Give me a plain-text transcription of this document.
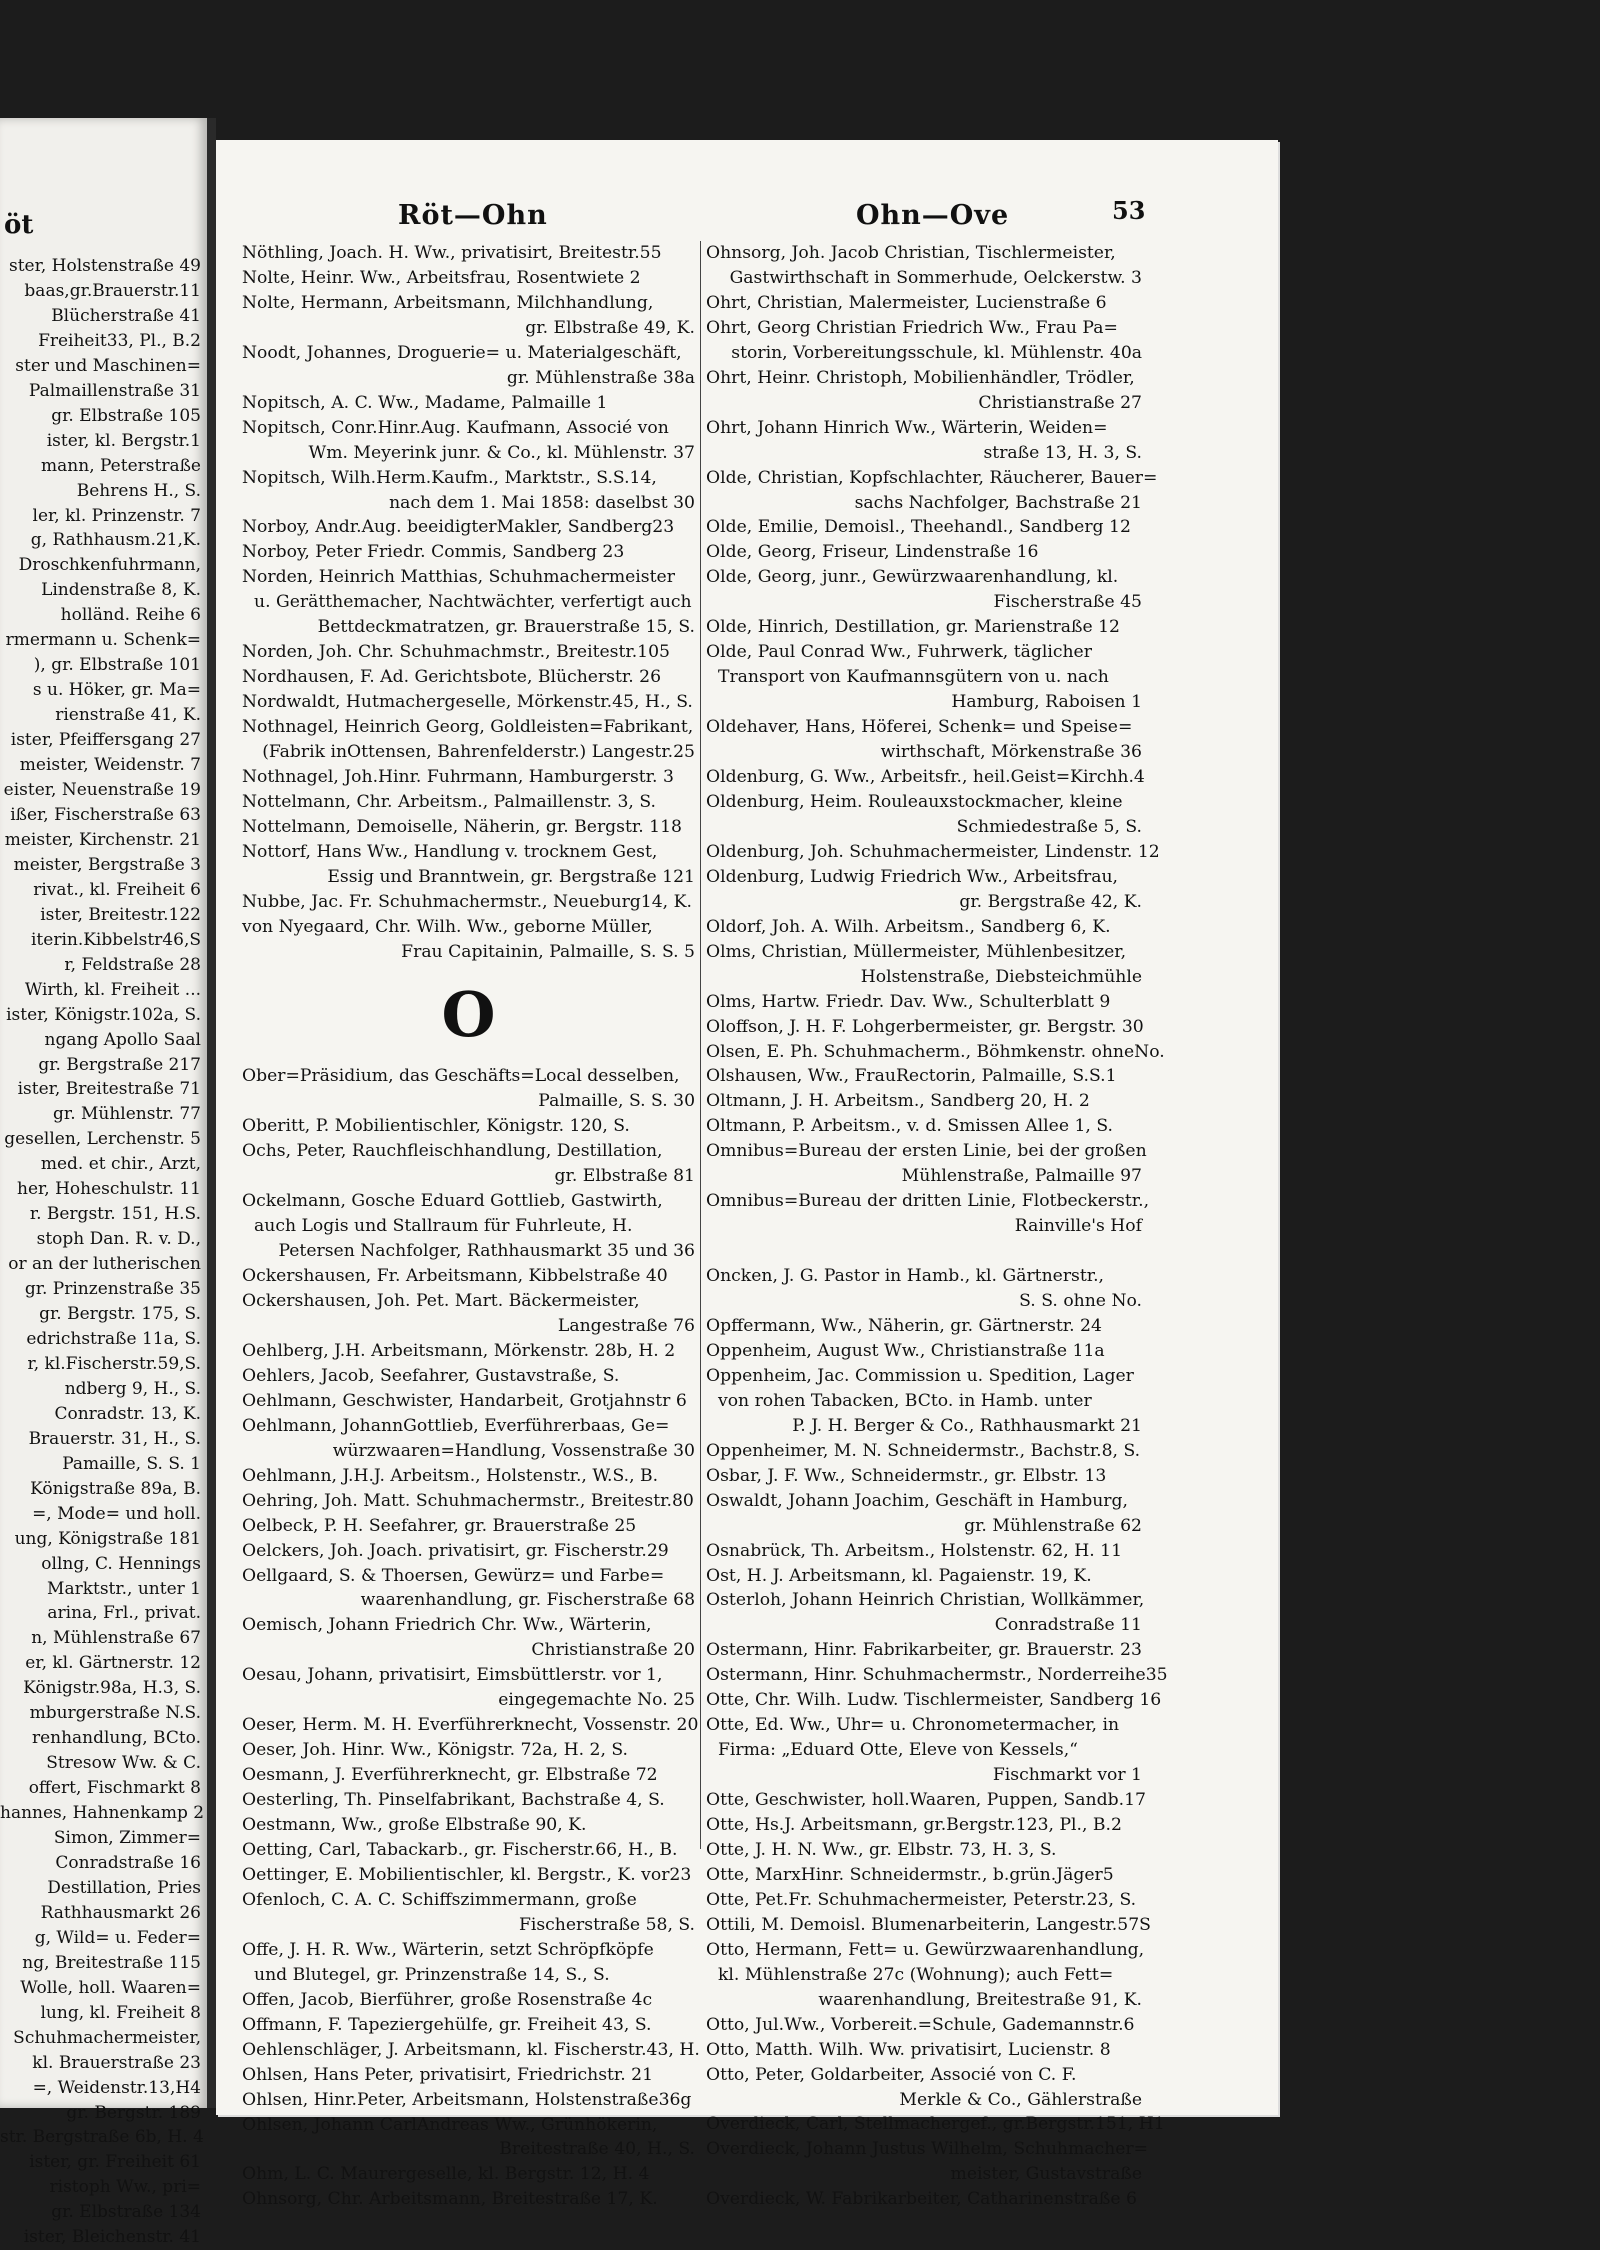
öt
ster, Holstenstraße 49
baas,gr.Brauerstr.11
Blücherstraße 41
Freiheit33, Pl., B.2
ster und Maschinen=
Palmaillenstraße 31
gr. Elbstraße 105
ister, kl. Bergstr.1
mann, Peterstraße
Behrens H., S.
ler, kl. Prinzenstr. 7
g, Rathhausm.21,K.
Droschkenfuhrmann,
Lindenstraße 8, K.
holländ. Reihe 6
rmermann u. Schenk=
), gr. Elbstraße 101
s u. Höker, gr. Ma=
rienstraße 41, K.
ister, Pfeiffersgang 27
meister, Weidenstr. 7
eister, Neuenstraße 19
ißer, Fischerstraße 63
meister, Kirchenstr. 21
meister, Bergstraße 3
rivat., kl. Freiheit 6
ister, Breitestr.122
iterin.Kibbelstr46,S
r, Feldstraße 28
Wirth, kl. Freiheit ...
ister, Königstr.102a, S.
ngang Apollo Saal
gr. Bergstraße 217
ister, Breitestraße 71
gr. Mühlenstr. 77
gesellen, Lerchenstr. 5
med. et chir., Arzt,
her, Hoheschulstr. 11
r. Bergstr. 151, H.S.
stoph Dan. R. v. D.,
or an der lutherischen
gr. Prinzenstraße 35
gr. Bergstr. 175, S.
edrichstraße 11a, S.
r, kl.Fischerstr.59,S.
ndberg 9, H., S.
Conradstr. 13, K.
Brauerstr. 31, H., S.
Pamaille, S. S. 1
Königstraße 89a, B.
=, Mode= und holl.
ung, Königstraße 181
ollng, C. Hennings
Marktstr., unter 1
arina, Frl., privat.
n, Mühlenstraße 67
er, kl. Gärtnerstr. 12
Königstr.98a, H.3, S.
mburgerstraße N.S.
renhandlung, BCto.
Stresow Ww. & C.
offert, Fischmarkt 8
hannes, Hahnenkamp 2
Simon, Zimmer=
Conradstraße 16
Destillation, Pries
Rathhausmarkt 26
g, Wild= u. Feder=
ng, Breitestraße 115
Wolle, holl. Waaren=
lung, kl. Freiheit 8
Schuhmachermeister,
kl. Brauerstraße 23
=, Weidenstr.13,H4
gr. Bergstr. 189
str. Bergstraße 6b, H. 4
ister, gr. Freiheit 61
ristoph Ww., pri=
gr. Elbstraße 134
ister, Bleichenstr. 41
Röt—Ohn	Ohn—Ove	53
Nöthling, Joach. H. Ww., privatisirt, Breitestr.55
Nolte, Heinr. Ww., Arbeitsfrau, Rosentwiete 2
Nolte, Hermann, Arbeitsmann, Milchhandlung,
gr. Elbstraße 49, K.
Noodt, Johannes, Droguerie= u. Materialgeschäft,
gr. Mühlenstraße 38a
Nopitsch, A. C. Ww., Madame, Palmaille 1
Nopitsch, Conr.Hinr.Aug. Kaufmann, Associé von
Wm. Meyerink junr. & Co., kl. Mühlenstr. 37
Nopitsch, Wilh.Herm.Kaufm., Marktstr., S.S.14,
nach dem 1. Mai 1858: daselbst 30
Norboy, Andr.Aug. beeidigterMakler, Sandberg23
Norboy, Peter Friedr. Commis, Sandberg 23
Norden, Heinrich Matthias, Schuhmachermeister
u. Gerätthemacher, Nachtwächter, verfertigt auch
Bettdeckmatratzen, gr. Brauerstraße 15, S.
Norden, Joh. Chr. Schuhmachmstr., Breitestr.105
Nordhausen, F. Ad. Gerichtsbote, Blücherstr. 26
Nordwaldt, Hutmachergeselle, Mörkenstr.45, H., S.
Nothnagel, Heinrich Georg, Goldleisten=Fabrikant,
(Fabrik inOttensen, Bahrenfelderstr.) Langestr.25
Nothnagel, Joh.Hinr. Fuhrmann, Hamburgerstr. 3
Nottelmann, Chr. Arbeitsm., Palmaillenstr. 3, S.
Nottelmann, Demoiselle, Näherin, gr. Bergstr. 118
Nottorf, Hans Ww., Handlung v. trocknem Gest,
Essig und Branntwein, gr. Bergstraße 121
Nubbe, Jac. Fr. Schuhmachermstr., Neueburg14, K.
von Nyegaard, Chr. Wilh. Ww., geborne Müller,
Frau Capitainin, Palmaille, S. S. 5
O
Ober=Präsidium, das Geschäfts=Local desselben,
Palmaille, S. S. 30
Oberitt, P. Mobilientischler, Königstr. 120, S.
Ochs, Peter, Rauchfleischhandlung, Destillation,
gr. Elbstraße 81
Ockelmann, Gosche Eduard Gottlieb, Gastwirth,
auch Logis und Stallraum für Fuhrleute, H.
Petersen Nachfolger, Rathhausmarkt 35 und 36
Ockershausen, Fr. Arbeitsmann, Kibbelstraße 40
Ockershausen, Joh. Pet. Mart. Bäckermeister,
Langestraße 76
Oehlberg, J.H. Arbeitsmann, Mörkenstr. 28b, H. 2
Oehlers, Jacob, Seefahrer, Gustavstraße, S.
Oehlmann, Geschwister, Handarbeit, Grotjahnstr 6
Oehlmann, JohannGottlieb, Everführerbaas, Ge=
würzwaaren=Handlung, Vossenstraße 30
Oehlmann, J.H.J. Arbeitsm., Holstenstr., W.S., B.
Oehring, Joh. Matt. Schuhmachermstr., Breitestr.80
Oelbeck, P. H. Seefahrer, gr. Brauerstraße 25
Oelckers, Joh. Joach. privatisirt, gr. Fischerstr.29
Oellgaard, S. & Thoersen, Gewürz= und Farbe=
waarenhandlung, gr. Fischerstraße 68
Oemisch, Johann Friedrich Chr. Ww., Wärterin,
Christianstraße 20
Oesau, Johann, privatisirt, Eimsbüttlerstr. vor 1,
eingegemachte No. 25
Oeser, Herm. M. H. Everführerknecht, Vossenstr. 20
Oeser, Joh. Hinr. Ww., Königstr. 72a, H. 2, S.
Oesmann, J. Everführerknecht, gr. Elbstraße 72
Oesterling, Th. Pinselfabrikant, Bachstraße 4, S.
Oestmann, Ww., große Elbstraße 90, K.
Oetting, Carl, Tabackarb., gr. Fischerstr.66, H., B.
Oettinger, E. Mobilientischler, kl. Bergstr., K. vor23
Ofenloch, C. A. C. Schiffszimmermann, große
Fischerstraße 58, S.
Offe, J. H. R. Ww., Wärterin, setzt Schröpfköpfe
und Blutegel, gr. Prinzenstraße 14, S., S.
Offen, Jacob, Bierführer, große Rosenstraße 4c
Offmann, F. Tapeziergehülfe, gr. Freiheit 43, S.
Oehlenschläger, J. Arbeitsmann, kl. Fischerstr.43, H.
Ohlsen, Hans Peter, privatisirt, Friedrichstr. 21
Ohlsen, Hinr.Peter, Arbeitsmann, Holstenstraße36g
Ohlsen, Johann CarlAndreas Ww., Grünhökerin,
Breitestraße 40, H., S.
Ohm, L. C. Maurergeselle, kl. Bergstr. 12, H. 4
Ohnsorg, Chr. Arbeitsmann, Breitestraße 17, K.
Ohnsorg, Joh. Jacob Christian, Tischlermeister,
Gastwirthschaft in Sommerhude, Oelckerstw. 3
Ohrt, Christian, Malermeister, Lucienstraße 6
Ohrt, Georg Christian Friedrich Ww., Frau Pa=
storin, Vorbereitungsschule, kl. Mühlenstr. 40a
Ohrt, Heinr. Christoph, Mobilienhändler, Trödler,
Christianstraße 27
Ohrt, Johann Hinrich Ww., Wärterin, Weiden=
straße 13, H. 3, S.
Olde, Christian, Kopfschlachter, Räucherer, Bauer=
sachs Nachfolger, Bachstraße 21
Olde, Emilie, Demoisl., Theehandl., Sandberg 12
Olde, Georg, Friseur, Lindenstraße 16
Olde, Georg, junr., Gewürzwaarenhandlung, kl.
Fischerstraße 45
Olde, Hinrich, Destillation, gr. Marienstraße 12
Olde, Paul Conrad Ww., Fuhrwerk, täglicher
Transport von Kaufmannsgütern von u. nach
Hamburg, Raboisen 1
Oldehaver, Hans, Höferei, Schenk= und Speise=
wirthschaft, Mörkenstraße 36
Oldenburg, G. Ww., Arbeitsfr., heil.Geist=Kirchh.4
Oldenburg, Heim. Rouleauxstockmacher, kleine
Schmiedestraße 5, S.
Oldenburg, Joh. Schuhmachermeister, Lindenstr. 12
Oldenburg, Ludwig Friedrich Ww., Arbeitsfrau,
gr. Bergstraße 42, K.
Oldorf, Joh. A. Wilh. Arbeitsm., Sandberg 6, K.
Olms, Christian, Müllermeister, Mühlenbesitzer,
Holstenstraße, Diebsteichmühle
Olms, Hartw. Friedr. Dav. Ww., Schulterblatt 9
Oloffson, J. H. F. Lohgerbermeister, gr. Bergstr. 30
Olsen, E. Ph. Schuhmacherm., Böhmkenstr. ohneNo.
Olshausen, Ww., FrauRectorin, Palmaille, S.S.1
Oltmann, J. H. Arbeitsm., Sandberg 20, H. 2
Oltmann, P. Arbeitsm., v. d. Smissen Allee 1, S.
Omnibus=Bureau der ersten Linie, bei der großen
Mühlenstraße, Palmaille 97
Omnibus=Bureau der dritten Linie, Flotbeckerstr.,
Rainville's Hof
Oncken, J. G. Pastor in Hamb., kl. Gärtnerstr.,
S. S. ohne No.
Opffermann, Ww., Näherin, gr. Gärtnerstr. 24
Oppenheim, August Ww., Christianstraße 11a
Oppenheim, Jac. Commission u. Spedition, Lager
von rohen Tabacken, BCto. in Hamb. unter
P. J. H. Berger & Co., Rathhausmarkt 21
Oppenheimer, M. N. Schneidermstr., Bachstr.8, S.
Osbar, J. F. Ww., Schneidermstr., gr. Elbstr. 13
Oswaldt, Johann Joachim, Geschäft in Hamburg,
gr. Mühlenstraße 62
Osnabrück, Th. Arbeitsm., Holstenstr. 62, H. 11
Ost, H. J. Arbeitsmann, kl. Pagaienstr. 19, K.
Osterloh, Johann Heinrich Christian, Wollkämmer,
Conradstraße 11
Ostermann, Hinr. Fabrikarbeiter, gr. Brauerstr. 23
Ostermann, Hinr. Schuhmachermstr., Norderreihe35
Otte, Chr. Wilh. Ludw. Tischlermeister, Sandberg 16
Otte, Ed. Ww., Uhr= u. Chronometermacher, in
Firma: „Eduard Otte, Eleve von Kessels,“
Fischmarkt vor 1
Otte, Geschwister, holl.Waaren, Puppen, Sandb.17
Otte, Hs.J. Arbeitsmann, gr.Bergstr.123, Pl., B.2
Otte, J. H. N. Ww., gr. Elbstr. 73, H. 3, S.
Otte, MarxHinr. Schneidermstr., b.grün.Jäger5
Otte, Pet.Fr. Schuhmachermeister, Peterstr.23, S.
Ottili, M. Demoisl. Blumenarbeiterin, Langestr.57S
Otto, Hermann, Fett= u. Gewürzwaarenhandlung,
kl. Mühlenstraße 27c (Wohnung); auch Fett=
waarenhandlung, Breitestraße 91, K.
Otto, Jul.Ww., Vorbereit.=Schule, Gademannstr.6
Otto, Matth. Wilh. Ww. privatisirt, Lucienstr. 8
Otto, Peter, Goldarbeiter, Associé von C. F.
Merkle & Co., Gählerstraße
Overdieck, Carl, Stellmachergef., gr.Bergstr.151, H1
Overdieck, Johann Justus Wilhelm, Schuhmacher=
meister, Gustavstraße
Overdieck, W. Fabrikarbeiter, Catharinenstraße 6
